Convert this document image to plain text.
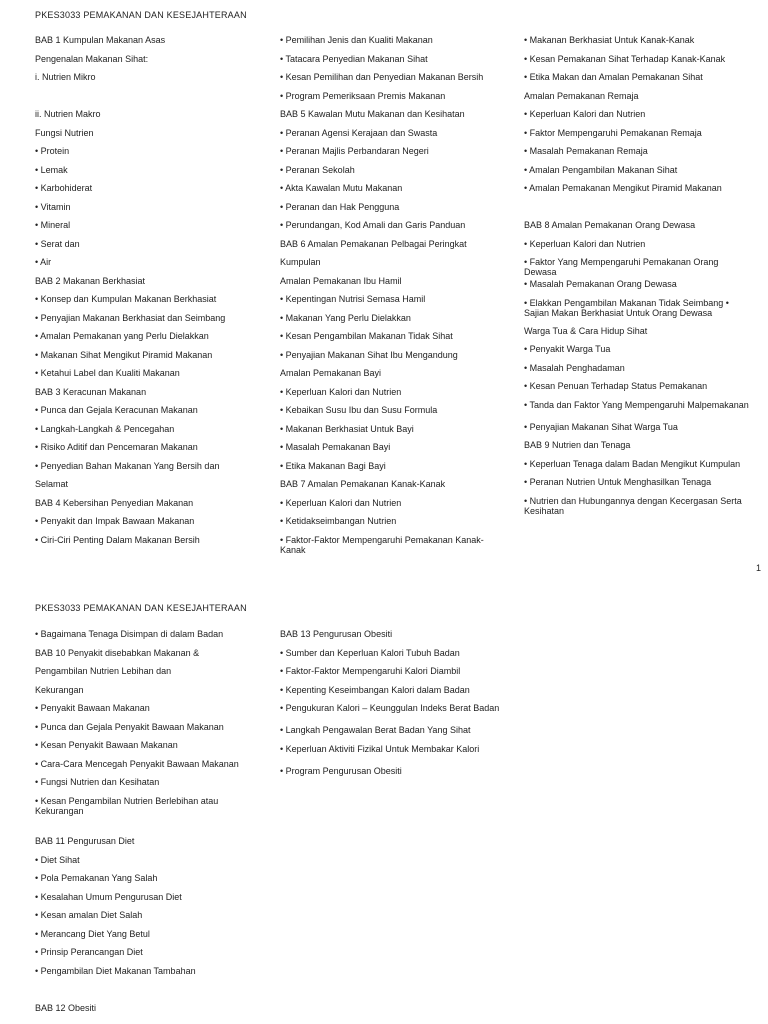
PKES3033 PEMAKANAN DAN KESEJAHTERAAN
BAB 1 Kumpulan Makanan Asas
Pengenalan Makanan Sihat:
i. Nutrien Mikro
ii. Nutrien Makro
Fungsi Nutrien
• Protein
• Lemak
• Karbohiderat
• Vitamin
• Mineral
• Serat dan
• Air
BAB 2 Makanan Berkhasiat
• Konsep dan Kumpulan Makanan Berkhasiat
• Penyajian Makanan Berkhasiat dan Seimbang
• Amalan Pemakanan yang Perlu Dielakkan
• Makanan Sihat Mengikut Piramid Makanan
• Ketahui Label dan Kualiti Makanan
BAB 3 Keracunan Makanan
• Punca dan Gejala Keracunan Makanan
• Langkah-Langkah & Pencegahan
• Risiko Aditif dan Pencemaran Makanan
• Penyedian Bahan Makanan Yang Bersih dan
Selamat
BAB 4 Kebersihan Penyedian Makanan
• Penyakit dan Impak Bawaan Makanan
• Ciri-Ciri Penting Dalam Makanan Bersih
• Pemilihan Jenis dan Kualiti Makanan
• Tatacara Penyedian Makanan Sihat
• Kesan Pemilihan dan Penyedian Makanan Bersih
• Program Pemeriksaan Premis Makanan
BAB 5 Kawalan Mutu Makanan dan Kesihatan
• Peranan Agensi Kerajaan dan Swasta
• Peranan Majlis Perbandaran Negeri
• Peranan Sekolah
• Akta Kawalan Mutu Makanan
• Peranan dan Hak Pengguna
• Perundangan, Kod Amali dan Garis Panduan
BAB 6 Amalan Pemakanan Pelbagai Peringkat
Kumpulan
Amalan Pemakanan Ibu Hamil
• Kepentingan Nutrisi Semasa Hamil
• Makanan Yang Perlu Dielakkan
• Kesan Pengambilan Makanan Tidak Sihat
• Penyajian Makanan Sihat Ibu Mengandung
Amalan Pemakanan Bayi
• Keperluan Kalori dan Nutrien
• Kebaikan Susu Ibu dan Susu Formula
• Makanan Berkhasiat Untuk Bayi
• Masalah Pemakanan Bayi
• Etika Makanan Bagi Bayi
BAB 7 Amalan Pemakanan Kanak-Kanak
• Keperluan Kalori dan Nutrien
• Ketidakseimbangan Nutrien
• Faktor-Faktor Mempengaruhi Pemakanan Kanak-Kanak
• Makanan Berkhasiat Untuk Kanak-Kanak
• Kesan Pemakanan Sihat Terhadap Kanak-Kanak
• Etika Makan dan Amalan Pemakanan Sihat
Amalan Pemakanan Remaja
• Keperluan Kalori dan Nutrien
• Faktor Mempengaruhi Pemakanan Remaja
• Masalah Pemakanan Remaja
• Amalan Pengambilan Makanan Sihat
• Amalan Pemakanan Mengikut Piramid Makanan
BAB 8 Amalan Pemakanan Orang Dewasa
• Keperluan Kalori dan Nutrien
• Faktor Yang Mempengaruhi Pemakanan Orang Dewasa
• Masalah Pemakanan Orang Dewasa
• Elakkan Pengambilan Makanan Tidak Seimbang • Sajian Makan Berkhasiat Untuk Orang Dewasa
Warga Tua & Cara Hidup Sihat
• Penyakit Warga Tua
• Masalah Penghadaman
• Kesan Penuan Terhadap Status Pemakanan
• Tanda dan Faktor Yang Mempengaruhi Malpemakanan
• Penyajian Makanan Sihat Warga Tua
BAB 9 Nutrien dan Tenaga
• Keperluan Tenaga dalam Badan Mengikut Kumpulan
• Peranan Nutrien Untuk Menghasilkan Tenaga
• Nutrien dan Hubungannya dengan Kecergasan Serta Kesihatan
1
PKES3033 PEMAKANAN DAN KESEJAHTERAAN
• Bagaimana Tenaga Disimpan di dalam Badan
BAB 10 Penyakit disebabkan Makanan &
Pengambilan Nutrien Lebihan dan
Kekurangan
• Penyakit Bawaan Makanan
• Punca dan Gejala Penyakit Bawaan Makanan
• Kesan Penyakit Bawaan Makanan
• Cara-Cara Mencegah Penyakit Bawaan Makanan
• Fungsi Nutrien dan Kesihatan
• Kesan Pengambilan Nutrien Berlebihan atau Kekurangan
BAB 11 Pengurusan Diet
• Diet Sihat
• Pola Pemakanan Yang Salah
• Kesalahan Umum Pengurusan Diet
• Kesan amalan Diet Salah
• Merancang Diet Yang Betul
• Prinsip Perancangan Diet
• Pengambilan Diet Makanan Tambahan
BAB 12 Obesiti
BAB 13 Pengurusan Obesiti
• Sumber dan Keperluan Kalori Tubuh Badan
• Faktor-Faktor Mempengaruhi Kalori Diambil
• Kepenting Keseimbangan Kalori dalam Badan
• Pengukuran Kalori – Keunggulan Indeks Berat Badan
• Langkah Pengawalan Berat Badan Yang Sihat
• Keperluan Aktiviti Fizikal Untuk Membakar Kalori
• Program Pengurusan Obesiti
